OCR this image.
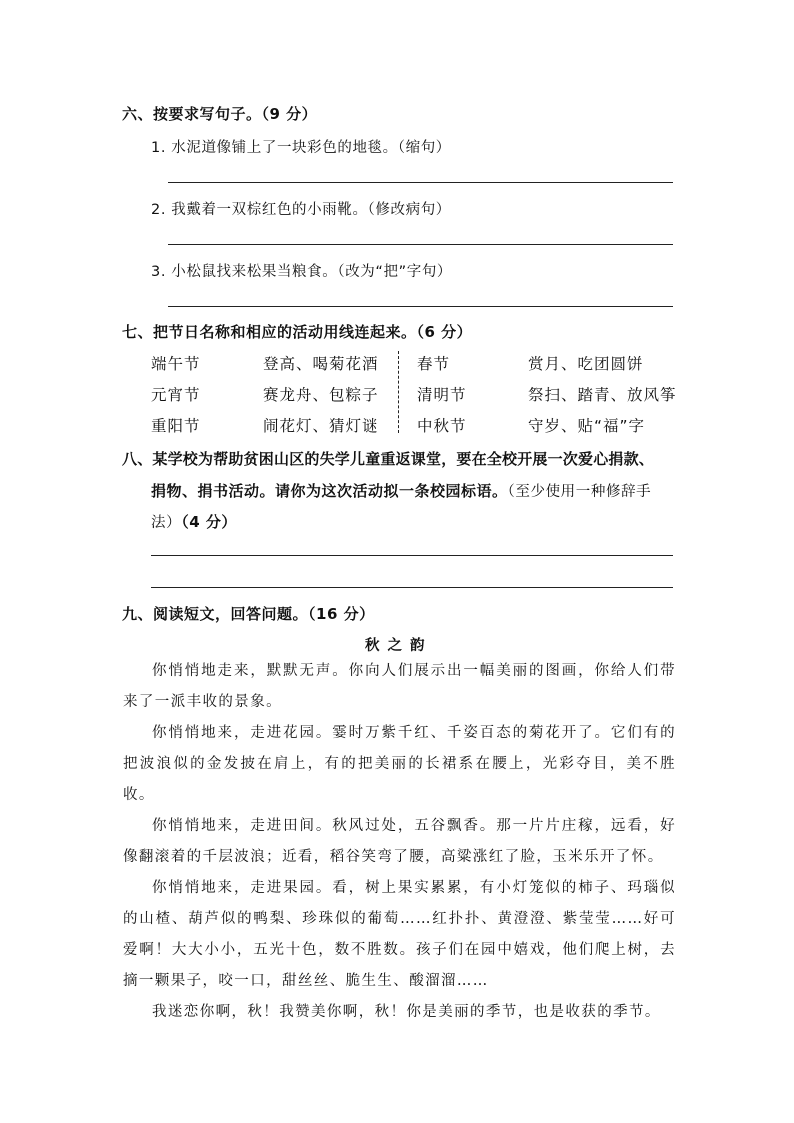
六、按要求写句子。（9 分）
1. 水泥道像铺上了一块彩色的地毯。（缩句）
2. 我戴着一双棕红色的小雨靴。（修改病句）
3. 小松鼠找来松果当粮食。（改为“把”字句）
七、把节日名称和相应的活动用线连起来。（6 分）
端午节
元宵节
重阳节
登高、喝菊花酒
赛龙舟、包粽子
闹花灯、猜灯谜
春节
清明节
中秋节
赏月、吃团圆饼
祭扫、踏青、放风筝
守岁、贴“福”字
八、某学校为帮助贫困山区的失学儿童重返课堂，要在全校开展一次爱心捐款、
捐物、捐书活动。请你为这次活动拟一条校园标语。（至少使用一种修辞手
法）（4 分）
九、阅读短文，回答问题。（16 分）
秋之韵

你悄悄地走来，默默无声。你向人们展示出一幅美丽的图画，你给人们带来了一派丰收的景象。

你悄悄地来，走进花园。霎时万紫千红、千姿百态的菊花开了。它们有的把波浪似的金发披在肩上，有的把美丽的长裙系在腰上，光彩夺目，美不胜收。

你悄悄地来，走进田间。秋风过处，五谷飘香。那一片片庄稼，远看，好像翻滚着的千层波浪；近看，稻谷笑弯了腰，高粱涨红了脸，玉米乐开了怀。

你悄悄地来，走进果园。看，树上果实累累，有小灯笼似的柿子、玛瑙似的山楂、葫芦似的鸭梨、珍珠似的葡萄……红扑扑、黄澄澄、紫莹莹……好可爱啊！大大小小，五光十色，数不胜数。孩子们在园中嬉戏，他们爬上树，去摘一颗果子，咬一口，甜丝丝、脆生生、酸溜溜……

我迷恋你啊，秋！我赞美你啊，秋！你是美丽的季节，也是收获的季节。
